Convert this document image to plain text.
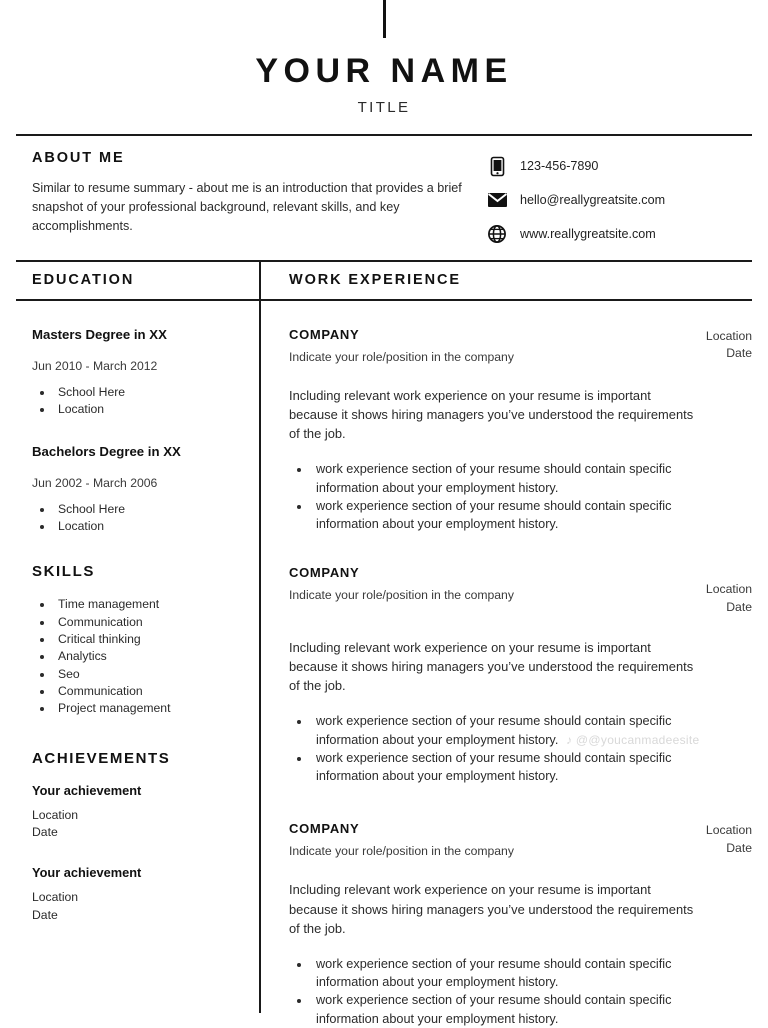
YOUR NAME
TITLE
ABOUT ME

Similar to resume summary - about me is an introduction that provides a brief snapshot of your professional background, relevant skills, and key accomplishments.

123-456-7890
hello@reallygreatsite.com
www.reallygreatsite.com
EDUCATION	WORK EXPERIENCE
Masters Degree in XX
Jun 2010 - March 2012
• School Here
• Location
Bachelors Degree in XX
Jun 2002 - March 2006
• School Here
• Location
SKILLS
• Time management
• Communication
• Critical thinking
• Analytics
• Seo
• Communication
• Project management
ACHIEVEMENTS
Your achievement

Location

Date

Your achievement

Location

Date

COMPANY

Indicate your role/position in the company

Location
Date

Including relevant work experience on your resume is important because it shows hiring managers you’ve understood the requirements of the job.

• work experience section of your resume should contain specific information about your employment history.
• work experience section of your resume should contain specific information about your employment history.
COMPANY

Indicate your role/position in the company	Location
Date

Including relevant work experience on your resume is important because it shows hiring managers you’ve understood the requirements of the job.

• work experience section of your resume should contain specific information about your employment history.
• work experience section of your resume should contain specific information about your employment history.
COMPANY

Indicate your role/position in the company

Location
Date

Including relevant work experience on your resume is important because it shows hiring managers you’ve understood the requirements of the job.

• work experience section of your resume should contain specific information about your employment history.
• work experience section of your resume should contain specific information about your employment history.
♪ @@youcanmadeesite
